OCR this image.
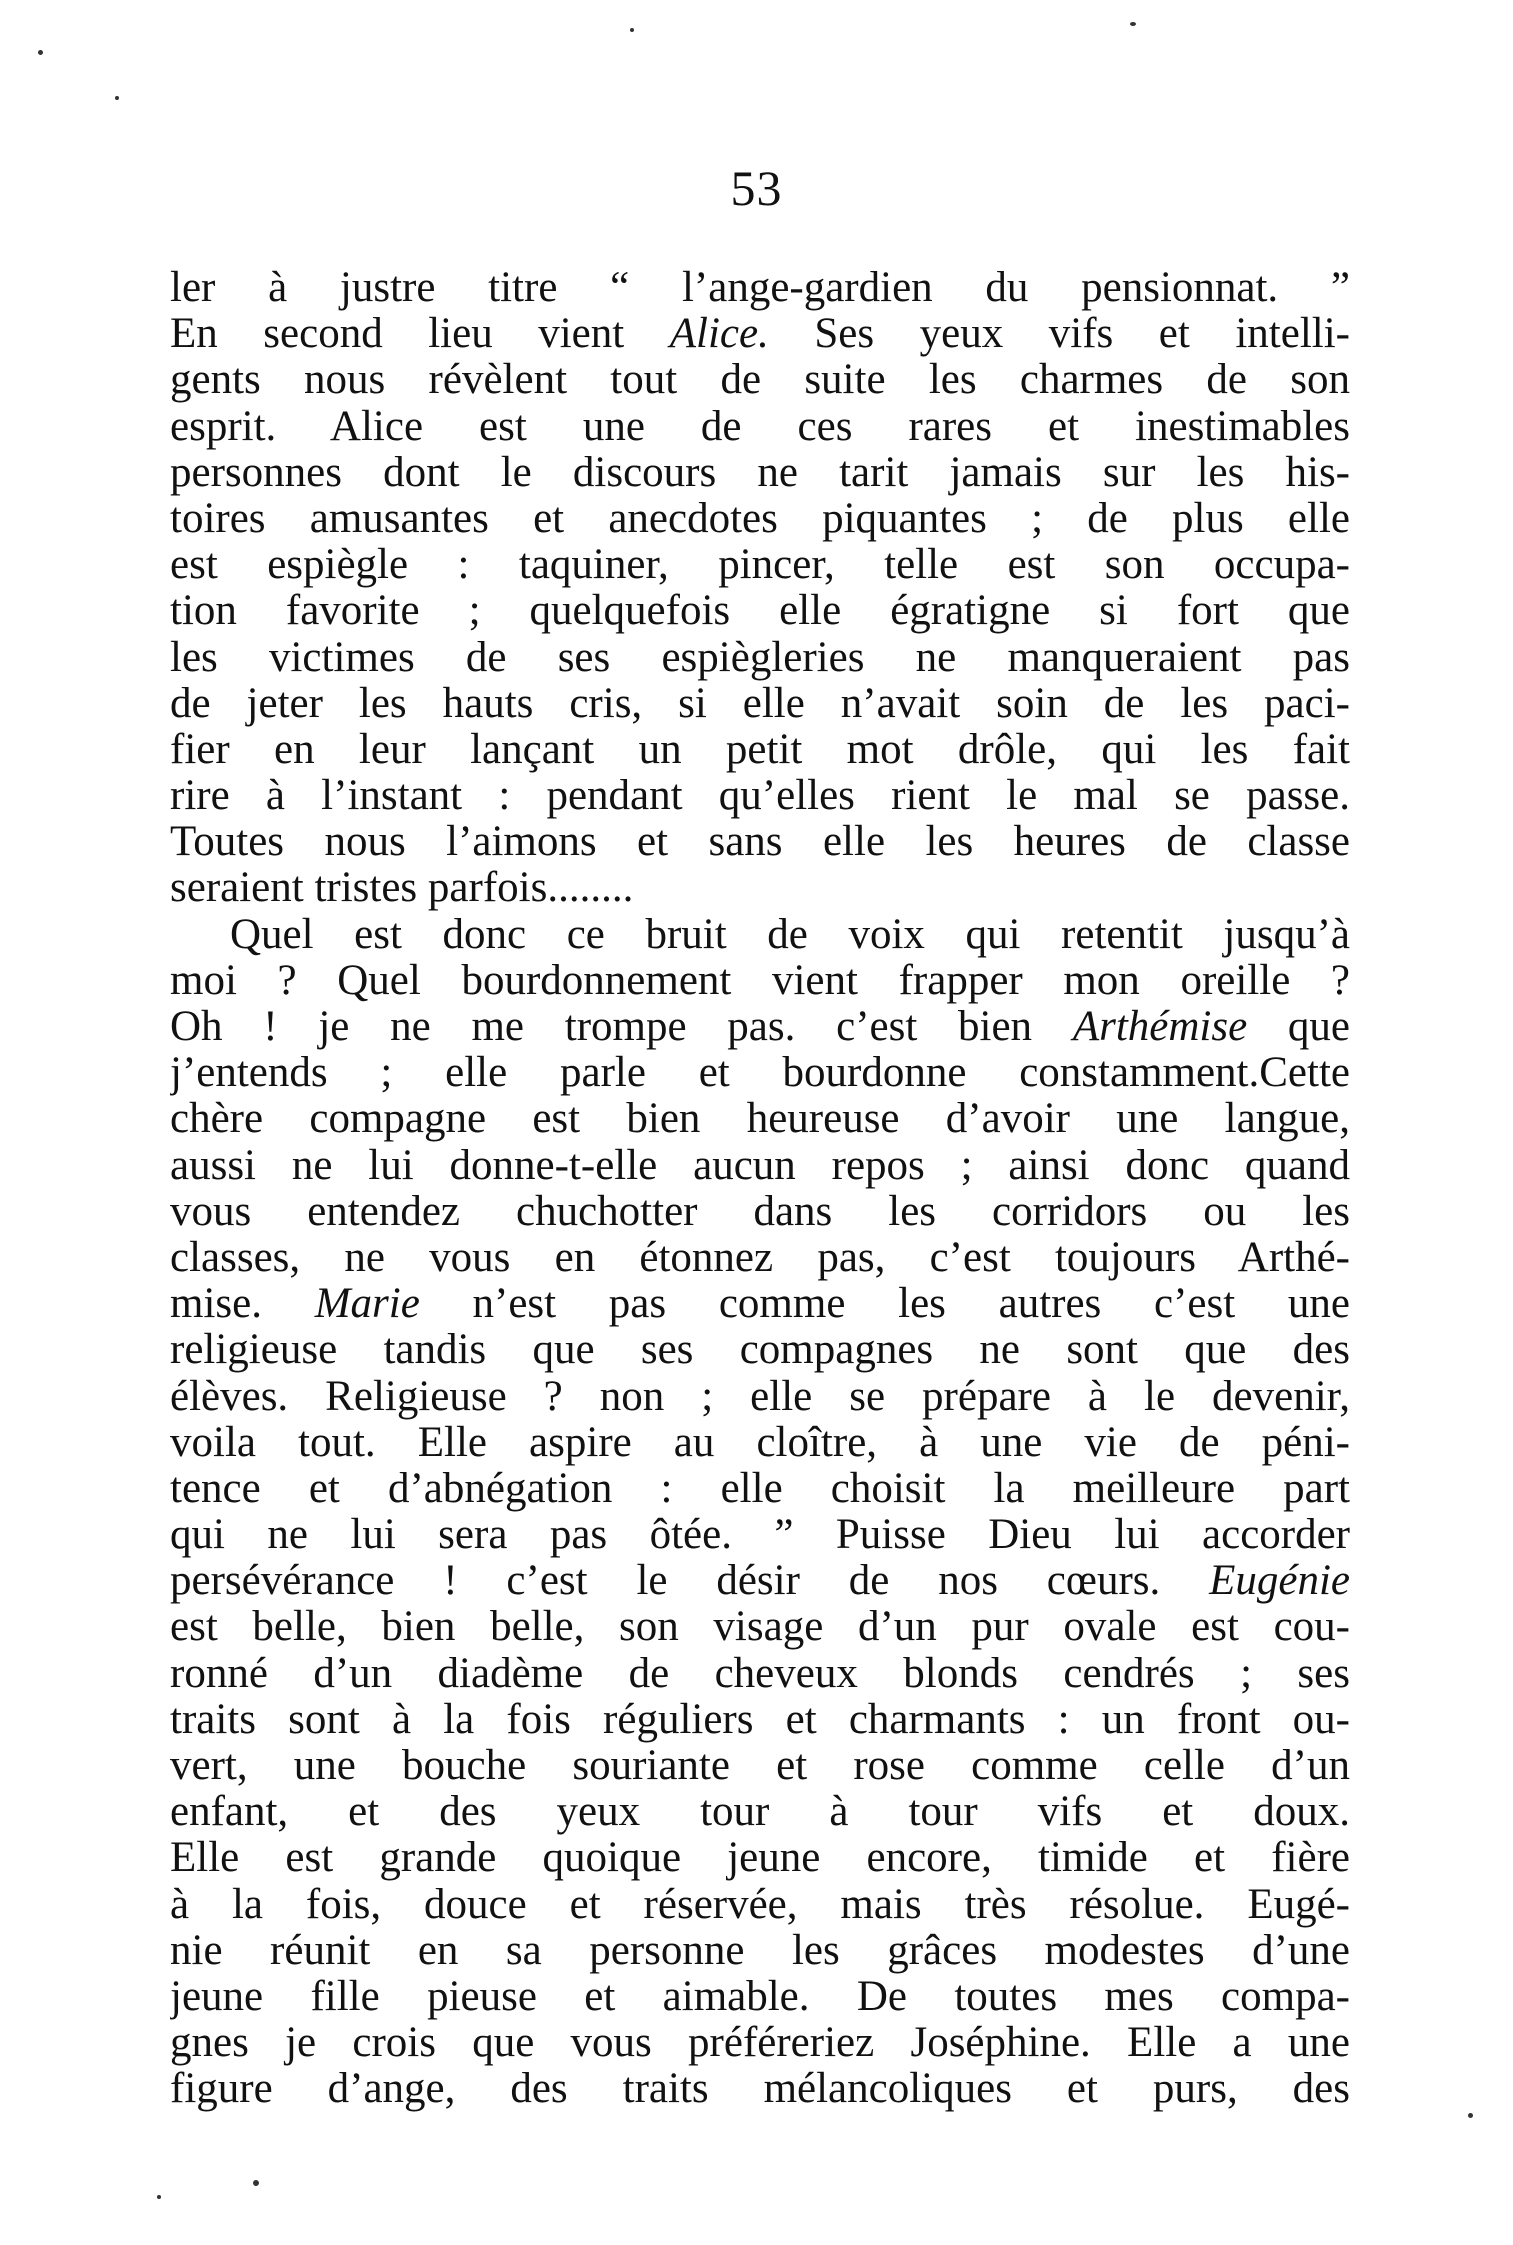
53
ler à justre titre “ l’ange-gardien du pensionnat. ”
En second lieu vient Alice. Ses yeux vifs et intelli-
gents nous révèlent tout de suite les charmes de son
esprit. Alice est une de ces rares et inestimables
personnes dont le discours ne tarit jamais sur les his-
toires amusantes et anecdotes piquantes ; de plus elle
est espiègle : taquiner, pincer, telle est son occupa-
tion favorite ; quelquefois elle égratigne si fort que
les victimes de ses espiègleries ne manqueraient pas
de jeter les hauts cris, si elle n’avait soin de les paci-
fier en leur lançant un petit mot drôle, qui les fait
rire à l’instant : pendant qu’elles rient le mal se passe.
Toutes nous l’aimons et sans elle les heures de classe
seraient tristes parfois........
Quel est donc ce bruit de voix qui retentit jusqu’à
moi ? Quel bourdonnement vient frapper mon oreille ?
Oh ! je ne me trompe pas. c’est bien Arthémise que
j’entends ; elle parle et bourdonne constamment.Cette
chère compagne est bien heureuse d’avoir une langue,
aussi ne lui donne-t-elle aucun repos ; ainsi donc quand
vous entendez chuchotter dans les corridors ou les
classes, ne vous en étonnez pas, c’est toujours Arthé-
mise. Marie n’est pas comme les autres c’est une
religieuse tandis que ses compagnes ne sont que des
élèves. Religieuse ? non ; elle se prépare à le devenir,
voila tout. Elle aspire au cloître, à une vie de péni-
tence et d’abnégation : elle choisit la meilleure part
qui ne lui sera pas ôtée. ” Puisse Dieu lui accorder
persévérance ! c’est le désir de nos cœurs. Eugénie
est belle, bien belle, son visage d’un pur ovale est cou-
ronné d’un diadème de cheveux blonds cendrés ; ses
traits sont à la fois réguliers et charmants : un front ou-
vert, une bouche souriante et rose comme celle d’un
enfant, et des yeux tour à tour vifs et doux.
Elle est grande quoique jeune encore, timide et fière
à la fois, douce et réservée, mais très résolue. Eugé-
nie réunit en sa personne les grâces modestes d’une
jeune fille pieuse et aimable. De toutes mes compa-
gnes je crois que vous préféreriez Joséphine. Elle a une
figure d’ange, des traits mélancoliques et purs, des
